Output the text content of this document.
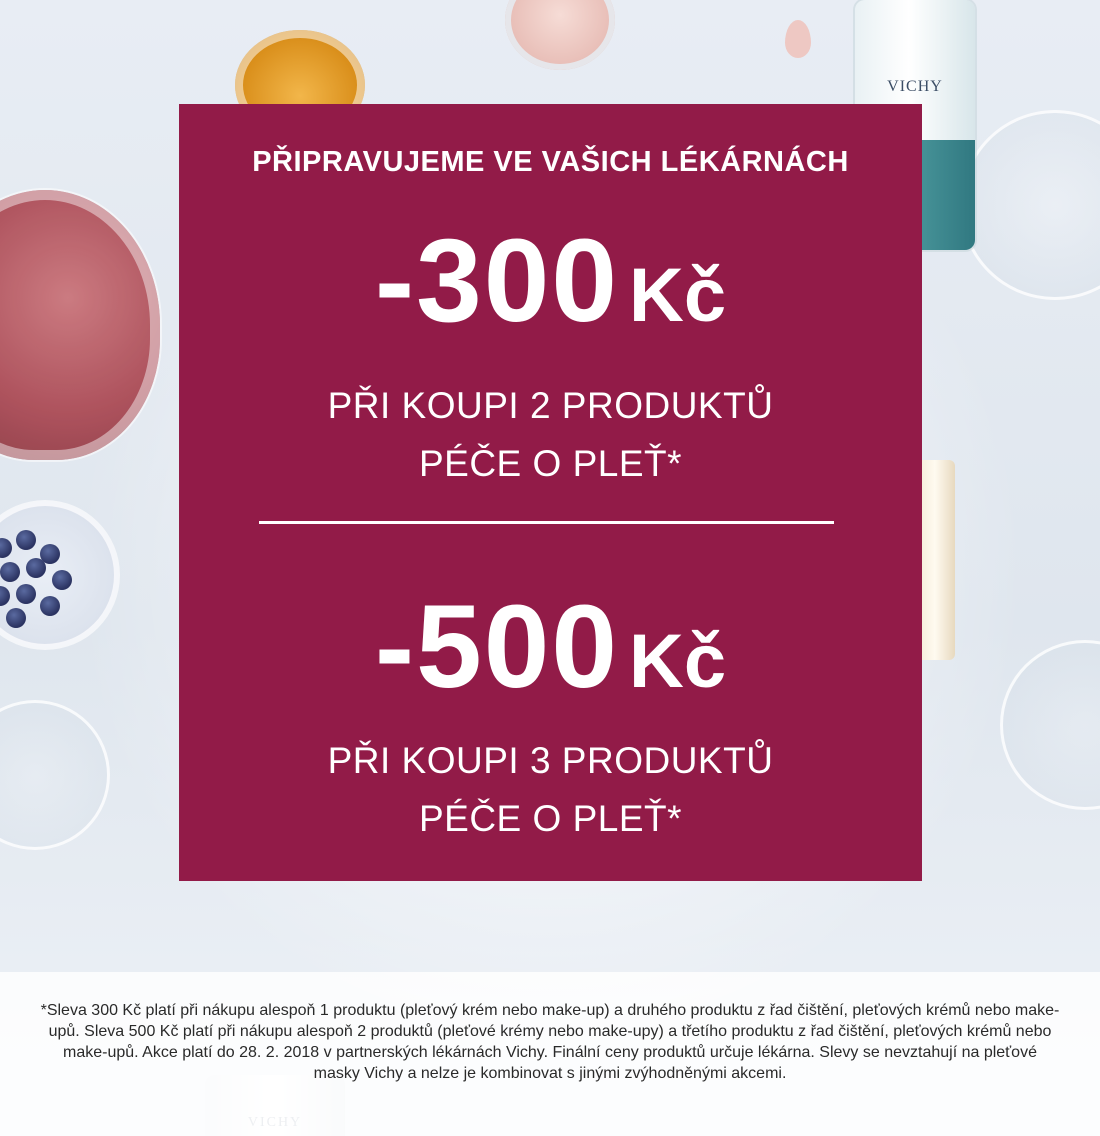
VICHY
PŘIPRAVUJEME VE VAŠICH LÉKÁRNÁCH
-300 Kč
PŘI KOUPI 2 PRODUKTŮ
PÉČE O PLEŤ*
-500 Kč
PŘI KOUPI 3 PRODUKTŮ
PÉČE O PLEŤ*
*Sleva 300 Kč platí při nákupu alespoň 1 produktu (pleťový krém nebo make-up) a druhého produktu z řad čištění, pleťových krémů nebo make-upů. Sleva 500 Kč platí při nákupu alespoň 2 produktů (pleťové krémy nebo make-upy) a třetího produktu z řad čištění, pleťových krémů nebo make-upů. Akce platí do 28. 2. 2018 v partnerských lékárnách Vichy. Finální ceny produktů určuje lékárna. Slevy se nevztahují na pleťové masky Vichy a nelze je kombinovat s jinými zvýhodněnými akcemi.
